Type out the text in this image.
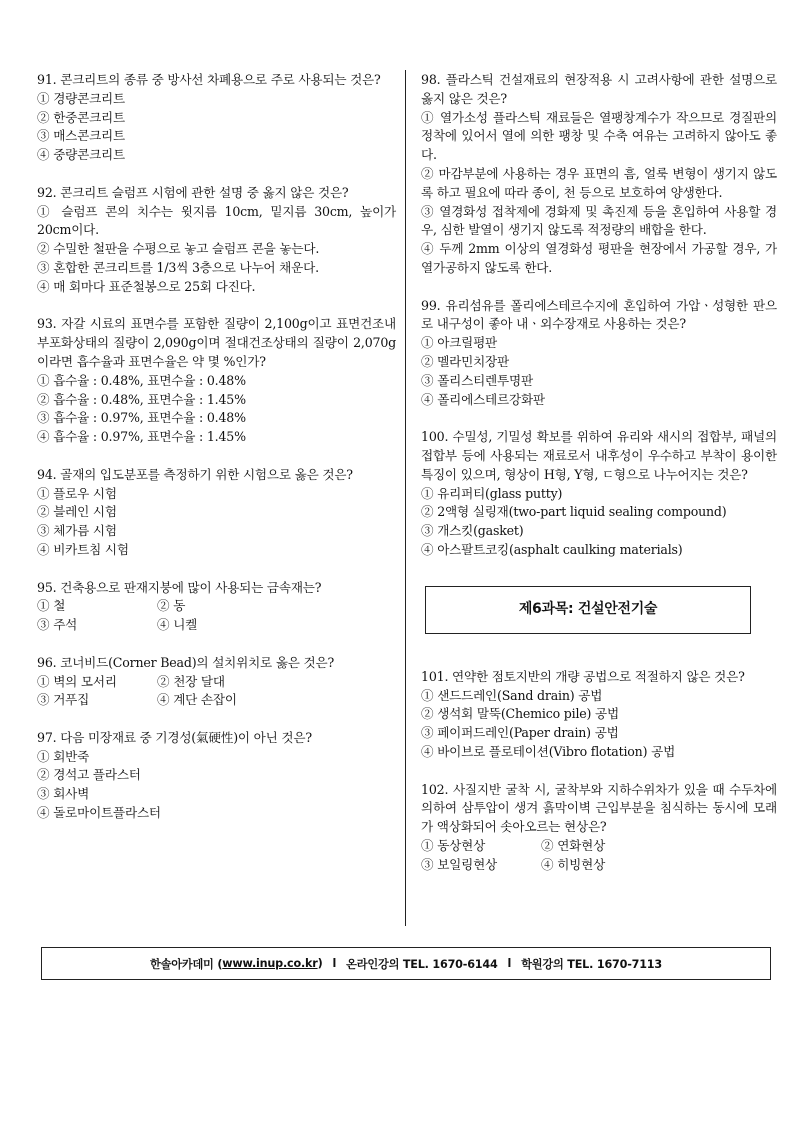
91. 콘크리트의 종류 중 방사선 차폐용으로 주로 사용되는 것은?
① 경량콘크리트
② 한중콘크리트
③ 매스콘크리트
④ 중량콘크리트
92. 콘크리트 슬럼프 시험에 관한 설명 중 옳지 않은 것은?
① 슬럼프 콘의 치수는 윗지름 10cm, 밑지름 30cm, 높이가 20cm이다.
② 수밀한 철판을 수평으로 놓고 슬럼프 콘을 놓는다.
③ 혼합한 콘크리트를 1/3씩 3층으로 나누어 채운다.
④ 매 회마다 표준철봉으로 25회 다진다.
93. 자갈 시료의 표면수를 포함한 질량이 2,100g이고 표면건조내부포화상태의 질량이 2,090g이며 절대건조상태의 질량이 2,070g 이라면 흡수율과 표면수율은 약 몇 %인가?
① 흡수율 : 0.48%, 표면수율 : 0.48%
② 흡수율 : 0.48%, 표면수율 : 1.45%
③ 흡수율 : 0.97%, 표면수율 : 0.48%
④ 흡수율 : 0.97%, 표면수율 : 1.45%
94. 골재의 입도분포를 측정하기 위한 시험으로 옳은 것은?
① 플로우 시험
② 블레인 시험
③ 체가름 시험
④ 비카트침 시험
95. 건축용으로 판재지붕에 많이 사용되는 금속재는?
① 철	② 동
③ 주석	④ 니켈
96. 코너비드(Corner Bead)의 설치위치로 옳은 것은?
① 벽의 모서리	② 천장 달대
③ 거푸집	④ 계단 손잡이
97. 다음 미장재료 중 기경성(氣硬性)이 아닌 것은?
① 회반죽
② 경석고 플라스터
③ 회사벽
④ 돌로마이트플라스터
98. 플라스틱 건설재료의 현장적용 시 고려사항에 관한 설명으로 옳지 않은 것은?
① 열가소성 플라스틱 재료들은 열팽창계수가 작으므로 경질판의 정착에 있어서 열에 의한 팽창 및 수축 여유는 고려하지 않아도 좋다.
② 마감부분에 사용하는 경우 표면의 흠, 얼룩 변형이 생기지 않도록 하고 필요에 따라 종이, 천 등으로 보호하여 양생한다.
③ 열경화성 접착제에 경화제 및 촉진제 등을 혼입하여 사용할 경우, 심한 발열이 생기지 않도록 적정량의 배합을 한다.
④ 두께 2mm 이상의 열경화성 평판을 현장에서 가공할 경우, 가열가공하지 않도록 한다.
99. 유리섬유를 폴리에스테르수지에 혼입하여 가압ㆍ성형한 판으로 내구성이 좋아 내ㆍ외수장재로 사용하는 것은?
① 아크릴평판
② 멜라민치장판
③ 폴리스티렌투명판
④ 폴리에스테르강화판
100. 수밀성, 기밀성 확보를 위하여 유리와 새시의 접합부, 패널의 접합부 등에 사용되는 재료로서 내후성이 우수하고 부착이 용이한 특징이 있으며, 형상이 H형, Y형, ㄷ형으로 나누어지는 것은?
① 유리퍼티(glass putty)
② 2액형 실링재(two-part liquid sealing compound)
③ 개스킷(gasket)
④ 아스팔트코킹(asphalt caulking materials)
제6과목: 건설안전기술
101. 연약한 점토지반의 개량 공법으로 적절하지 않은 것은?
① 샌드드레인(Sand drain) 공법
② 생석회 말뚝(Chemico pile) 공법
③ 페이퍼드레인(Paper drain) 공법
④ 바이브로 플로테이션(Vibro flotation) 공법
102. 사질지반 굴착 시, 굴착부와 지하수위차가 있을 때 수두차에 의하여 삼투압이 생겨 흙막이벽 근입부분을 침식하는 동시에 모래가 액상화되어 솟아오르는 현상은?
① 동상현상	② 연화현상
③ 보일링현상	④ 히빙현상
한솔아카데미 ( www.inup.co.kr ) l 온라인강의 TEL. 1670-6144 l 학원강의 TEL. 1670-7113
